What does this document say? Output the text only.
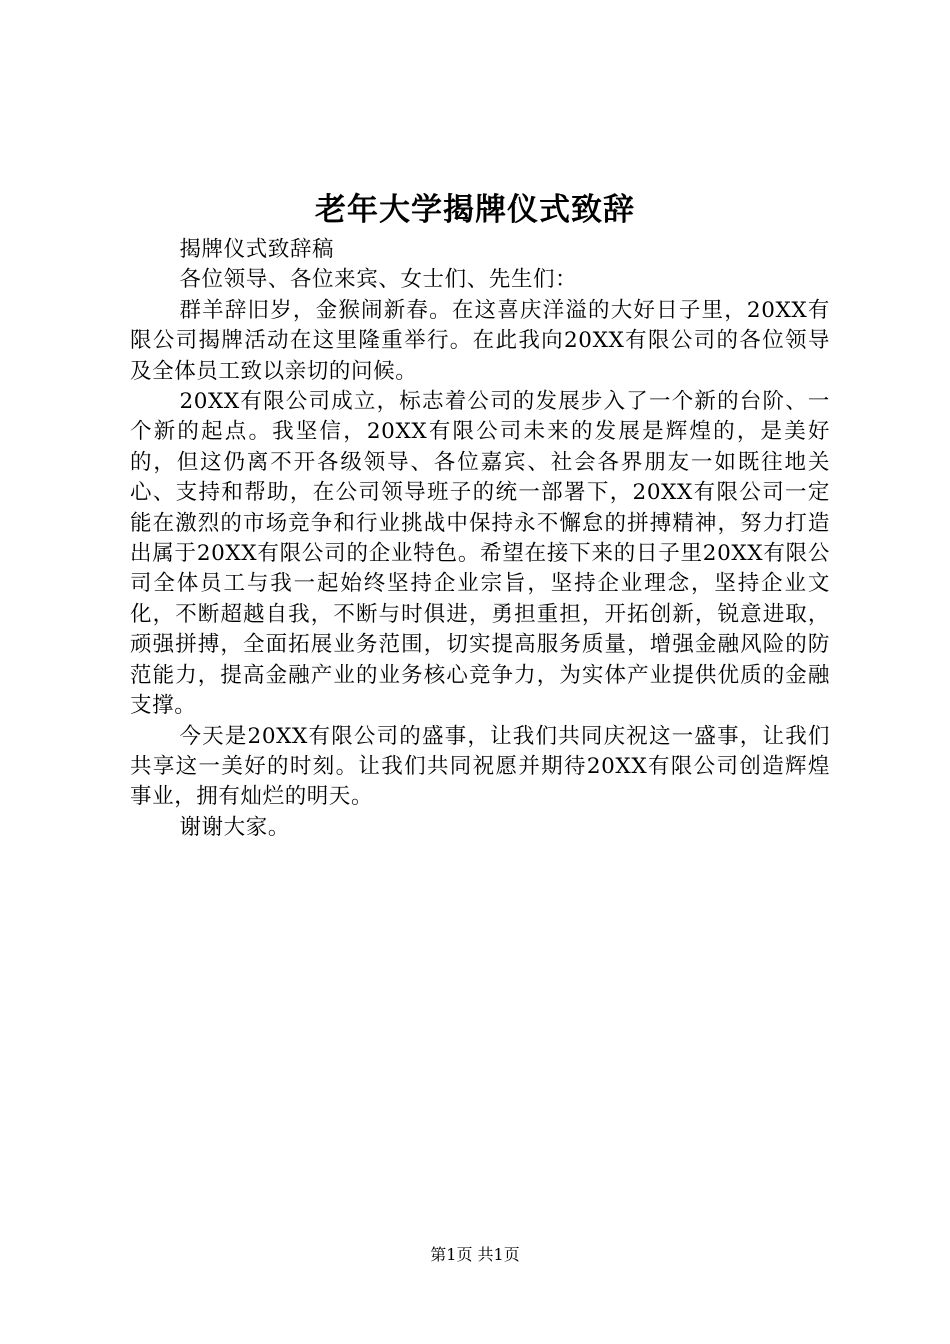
老年大学揭牌仪式致辞

揭牌仪式致辞稿

各位领导、各位来宾、女士们、先生们：

群羊辞旧岁，金猴闹新春。在这喜庆洋溢的大好日子里，20XX有限公司揭牌活动在这里隆重举行。在此我向20XX有限公司的各位领导及全体员工致以亲切的问候。

20XX有限公司成立，标志着公司的发展步入了一个新的台阶、一个新的起点。我坚信，20XX有限公司未来的发展是辉煌的，是美好的，但这仍离不开各级领导、各位嘉宾、社会各界朋友一如既往地关心、支持和帮助，在公司领导班子的统一部署下，20XX有限公司一定能在激烈的市场竞争和行业挑战中保持永不懈怠的拼搏精神，努力打造出属于20XX有限公司的企业特色。希望在接下来的日子里20XX有限公司全体员工与我一起始终坚持企业宗旨，坚持企业理念，坚持企业文化，不断超越自我，不断与时俱进，勇担重担，开拓创新，锐意进取，顽强拼搏，全面拓展业务范围，切实提高服务质量，增强金融风险的防范能力，提高金融产业的业务核心竞争力，为实体产业提供优质的金融支撑。

今天是20XX有限公司的盛事，让我们共同庆祝这一盛事，让我们共享这一美好的时刻。让我们共同祝愿并期待20XX有限公司创造辉煌事业，拥有灿烂的明天。

谢谢大家。

第1页 共1页
